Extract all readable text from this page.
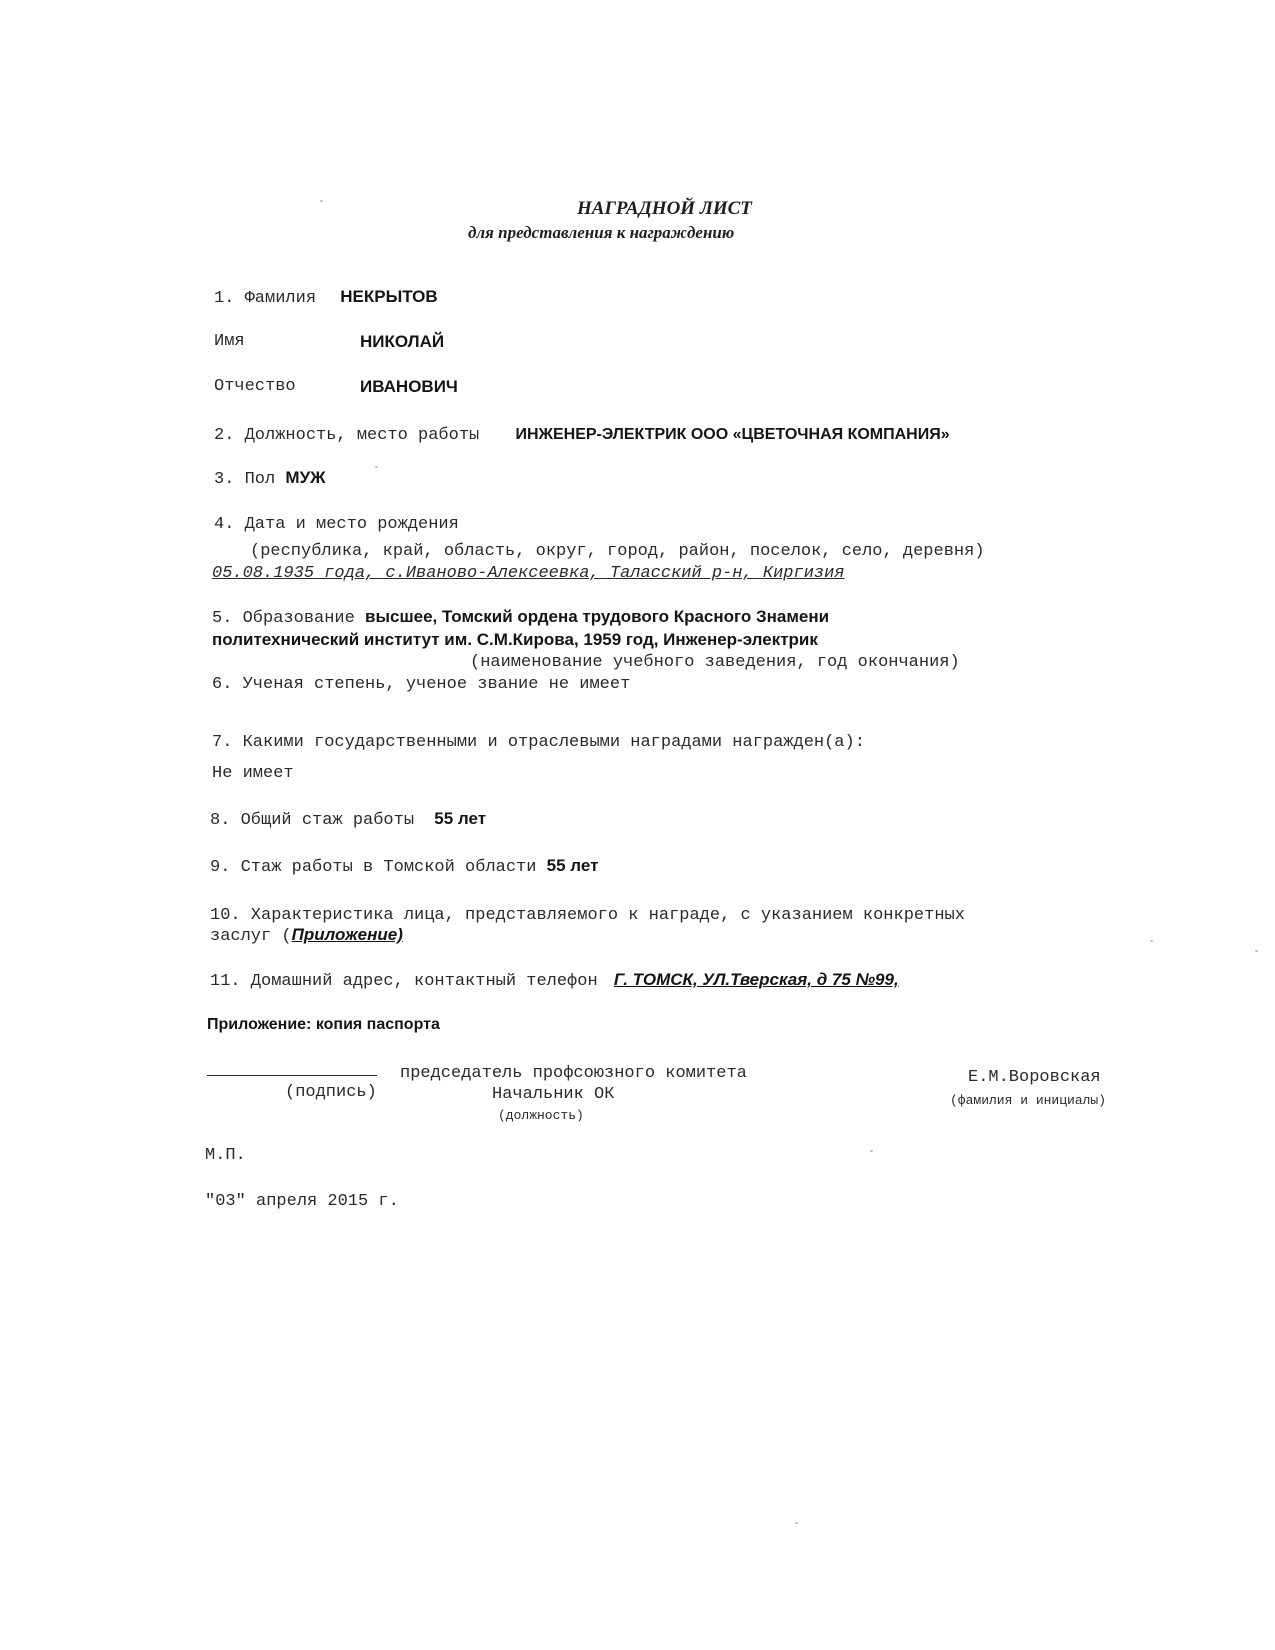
НАГРАДНОЙ ЛИСТ
для представления к награждению
1. Фамилия НЕКРЫТОВ
Имя	НИКОЛАЙ
Отчество	ИВАНОВИЧ
2. Должность, место работы ИНЖЕНЕР-ЭЛЕКТРИК ООО «ЦВЕТОЧНАЯ КОМПАНИЯ»
3. Пол МУЖ
4. Дата и место рождения
(республика, край, область, округ, город, район, поселок, село, деревня)
05.08.1935 года, с.Иваново-Алексеевка, Таласский р-н, Киргизия
5. Образование высшее, Томский ордена трудового Красного Знамени
политехнический институт им. С.М.Кирова, 1959 год, Инженер-электрик
(наименование учебного заведения, год окончания)
6. Ученая степень, ученое звание не имеет
7. Какими государственными и отраслевыми наградами награжден(а):
Не имеет
8. Общий стаж работы 55 лет
9. Стаж работы в Томской области 55 лет
10. Характеристика лица, представляемого к награде, с указанием конкретных
заслуг (Приложение)
11. Домашний адрес, контактный телефон Г. ТОМСК, УЛ.Тверская, д 75 №99,
Приложение: копия паспорта
(подпись)
председатель профсоюзного комитета
Начальник ОК
(должность)
Е.М.Воровская
(фамилия и инициалы)
М.П.
"03" апреля 2015 г.
